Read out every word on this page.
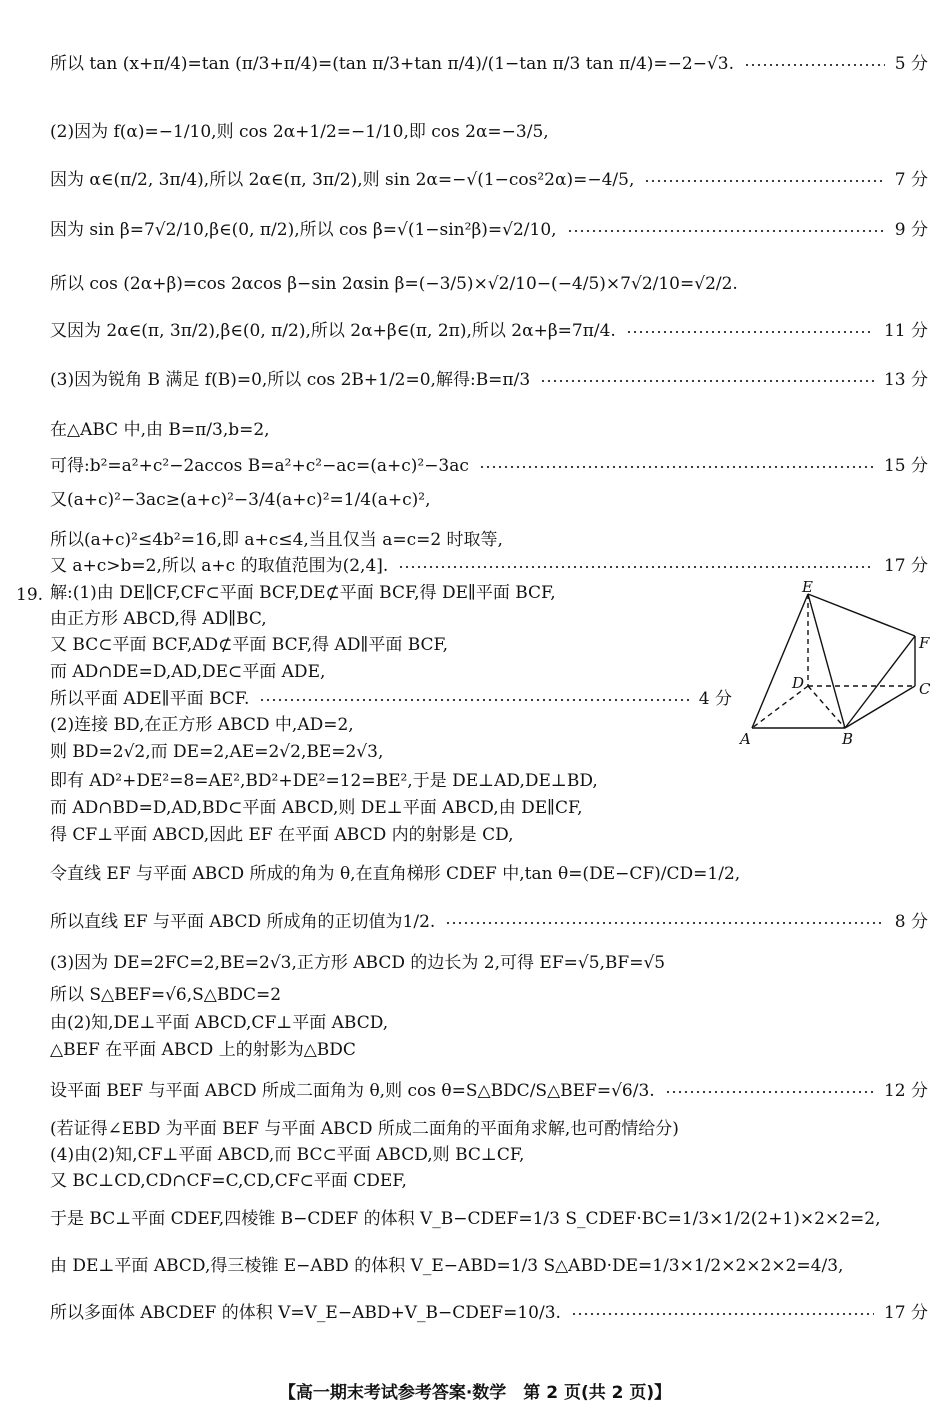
所以 tan (x+π/4)=tan (π/3+π/4)=(tan π/3+tan π/4)/(1−tan π/3 tan π/4)=−2−√3.	5 分
(2)因为 f(α)=−1/10,则 cos 2α+1/2=−1/10,即 cos 2α=−3/5,
因为 α∈(π/2, 3π/4),所以 2α∈(π, 3π/2),则 sin 2α=−√(1−cos²2α)=−4/5,	7 分
因为 sin β=7√2/10,β∈(0, π/2),所以 cos β=√(1−sin²β)=√2/10,	9 分
所以 cos (2α+β)=cos 2αcos β−sin 2αsin β=(−3/5)×√2/10−(−4/5)×7√2/10=√2/2.
又因为 2α∈(π, 3π/2),β∈(0, π/2),所以 2α+β∈(π, 2π),所以 2α+β=7π/4.	11 分
(3)因为锐角 B 满足 f(B)=0,所以 cos 2B+1/2=0,解得:B=π/3	13 分
在△ABC 中,由 B=π/3,b=2,
可得:b²=a²+c²−2accos B=a²+c²−ac=(a+c)²−3ac	15 分
又(a+c)²−3ac≥(a+c)²−3/4(a+c)²=1/4(a+c)²,
所以(a+c)²≤4b²=16,即 a+c≤4,当且仅当 a=c=2 时取等,
又 a+c>b=2,所以 a+c 的取值范围为(2,4].	17 分
19. 解:(1)由 DE∥CF,CF⊂平面 BCF,DE⊄平面 BCF,得 DE∥平面 BCF,
由正方形 ABCD,得 AD∥BC,
又 BC⊂平面 BCF,AD⊄平面 BCF,得 AD∥平面 BCF,
而 AD∩DE=D,AD,DE⊂平面 ADE,
所以平面 ADE∥平面 BCF.	4 分
(2)连接 BD,在正方形 ABCD 中,AD=2,
则 BD=2√2,而 DE=2,AE=2√2,BE=2√3,
即有 AD²+DE²=8=AE²,BD²+DE²=12=BE²,于是 DE⊥AD,DE⊥BD,
而 AD∩BD=D,AD,BD⊂平面 ABCD,则 DE⊥平面 ABCD,由 DE∥CF,
得 CF⊥平面 ABCD,因此 EF 在平面 ABCD 内的射影是 CD,
令直线 EF 与平面 ABCD 所成的角为 θ,在直角梯形 CDEF 中,tan θ=(DE−CF)/CD=1/2,
所以直线 EF 与平面 ABCD 所成角的正切值为1/2.	8 分
(3)因为 DE=2FC=2,BE=2√3,正方形 ABCD 的边长为 2,可得 EF=√5,BF=√5
所以 S△BEF=√6,S△BDC=2
由(2)知,DE⊥平面 ABCD,CF⊥平面 ABCD,
△BEF 在平面 ABCD 上的射影为△BDC
设平面 BEF 与平面 ABCD 所成二面角为 θ,则 cos θ=S△BDC/S△BEF=√6/3.	12 分
(若证得∠EBD 为平面 BEF 与平面 ABCD 所成二面角的平面角求解,也可酌情给分)
(4)由(2)知,CF⊥平面 ABCD,而 BC⊂平面 ABCD,则 BC⊥CF,
又 BC⊥CD,CD∩CF=C,CD,CF⊂平面 CDEF,
于是 BC⊥平面 CDEF,四棱锥 B−CDEF 的体积 V_B−CDEF=1/3 S_CDEF·BC=1/3×1/2(2+1)×2×2=2,
由 DE⊥平面 ABCD,得三棱锥 E−ABD 的体积 V_E−ABD=1/3 S△ABD·DE=1/3×1/2×2×2×2=4/3,
所以多面体 ABCDEF 的体积 V=V_E−ABD+V_B−CDEF=10/3.	17 分
E
F
C
D
A	B
【高一期末考试参考答案·数学　第 2 页(共 2 页)】
